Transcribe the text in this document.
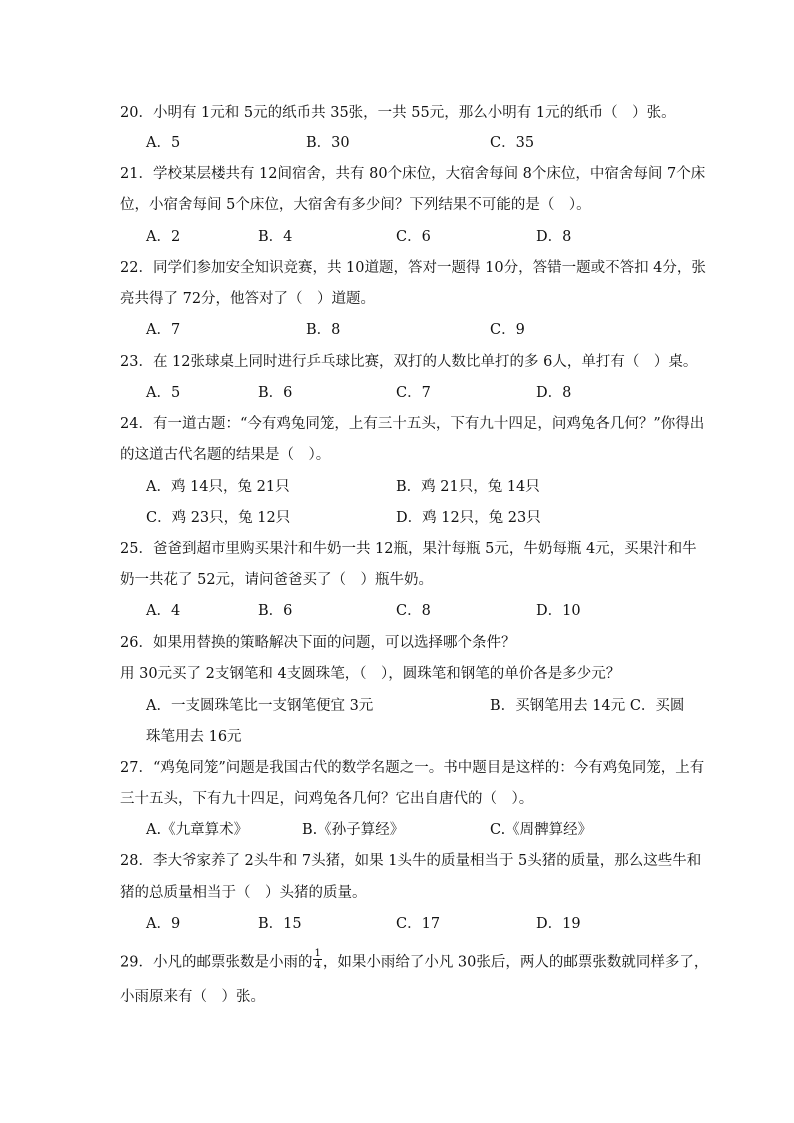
20．小明有 1元和 5元的纸币共 35张，一共 55元，那么小明有 1元的纸币（　）张。
A．5	B．30	C．35
21．学校某层楼共有 12间宿舍，共有 80个床位，大宿舍每间 8个床位，中宿舍每间 7个床
位，小宿舍每间 5个床位，大宿舍有多少间？下列结果不可能的是（　）。
A．2	B．4	C．6	D．8
22．同学们参加安全知识竞赛，共 10道题，答对一题得 10分，答错一题或不答扣 4分，张
亮共得了 72分，他答对了（　）道题。
A．7	B．8	C．9
23．在 12张球桌上同时进行乒乓球比赛，双打的人数比单打的多 6人，单打有（　）桌。
A．5	B．6	C．7	D．8
24．有一道古题：“今有鸡兔同笼，上有三十五头，下有九十四足，问鸡兔各几何？”你得出
的这道古代名题的结果是（　）。
A．鸡 14只，兔 21只	B．鸡 21只，兔 14只
C．鸡 23只，兔 12只	D．鸡 12只，兔 23只
25．爸爸到超市里购买果汁和牛奶一共 12瓶，果汁每瓶 5元，牛奶每瓶 4元，买果汁和牛
奶一共花了 52元，请问爸爸买了（　）瓶牛奶。
A．4	B．6	C．8	D．10
26．如果用替换的策略解决下面的问题，可以选择哪个条件？
用 30元买了 2支钢笔和 4支圆珠笔，（　），圆珠笔和钢笔的单价各是多少元？
A．一支圆珠笔比一支钢笔便宜 3元	B．买钢笔用去 14元 C．买圆
珠笔用去 16元
27．“鸡兔同笼”问题是我国古代的数学名题之一。书中题目是这样的：今有鸡兔同笼，上有
三十五头，下有九十四足，问鸡兔各几何？它出自唐代的（　）。
A.《九章算术》	B.《孙子算经》	C.《周髀算经》
28．李大爷家养了 2头牛和 7头猪，如果 1头牛的质量相当于 5头猪的质量，那么这些牛和
猪的总质量相当于（　）头猪的质量。
A．9	B．15	C．17	D．19
29．小凡的邮票张数是小雨的 $\frac{1}{4}$ ，如果小雨给了小凡 30张后，两人的邮票张数就同样多了，
小雨原来有（　）张。
